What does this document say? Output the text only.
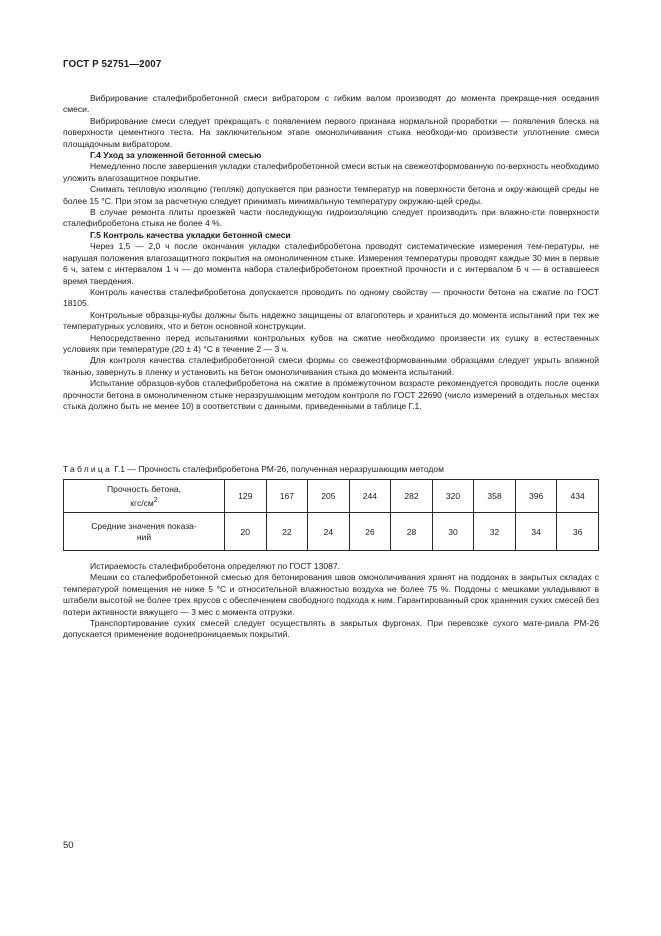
ГОСТ Р 52751—2007

Вибрирование сталефибробетонной смеси вибратором с гибким валом производят до момента прекраще-ния оседания смеси.

Вибрирование смеси следует прекращать с появлением первого признака нормальной проработки — появления блеска на поверхности цементного теста. На заключительном этапе омоноличивания стыка необходи-мо произвести уплотнение смеси площадочным вибратором.

Г.4 Уход за уложенной бетонной смесью

Немедленно после завершения укладки сталефибробетонной смеси встык на свежеотформованную по-верхность необходимо уложить влагозащитное покрытие.

Снимать тепловую изоляцию (теплякі) допускается при разности температур на поверхности бетона и окру-жающей среды не более 15 °С. При этом за расчетную следует принимать минимальную температуру окружаю-щей среды.

В случае ремонта плиты проезжей части последующую гидроизоляцию следует производить при влажно-сти поверхности сталефибробетона стыка не более 4 %.

Г.5 Контроль качества укладки бетонной смеси

Через 1,5 — 2,0 ч после окончания укладки сталефибробетона проводят систематические измерения тем-пературы, не нарушая положения влагозащитного покрытия на омоноличенном стыке. Измерения температуры проводят каждые 30 мин в первые 6 ч, затем с интервалом 1 ч — до момента набора сталефибробетоном проектной прочности и с интервалом 6 ч — в оставшееся время твердения.

Контроль качества сталефибробетона допускается проводить по одному свойству — прочности бетона на сжатие по ГОСТ 18105.

Контрольные образцы-кубы должны быть надежно защищены от влагопотерь и храниться до момента испытаний при тех же температурных условиях, что и бетон основной конструкции.

Непосредственно перед испытаниями контрольных кубов на сжатие необходимо произвести их сушку в естественных условиях при температуре (20 ± 4) °С в течение 2 — 3 ч.

Для контроля качества сталефибробетонной смеси формы со свежеотформованными образцами следует укрыть влажной тканью, завернуть в пленку и установить на бетон омоноличивания стыка до момента испытаний.

Испытание образцов-кубов сталефибробетона на сжатие в промежуточном возрасте рекомендуется проводить после оценки прочности бетона в омоноличенном стыке неразрушающим методом контроля по ГОСТ 22690 (число измерений в отдельных местах стыка должно быть не менее 10) в соответствии с данными, приведенными в таблице Г.1.

Таблица Г.1 — Прочность сталефибробетона РМ-26, полученная неразрушающим методом
Прочность бетона,
кгс/$см^2$	129	167	205	244	282	320	358	396	434
Средние значения показа-
ний	20	22	24	26	28	30	32	34	36

Истираемость сталефибробетона определяют по ГОСТ 13087.

Мешки со сталефибробетонной смесью для бетонирования швов омоноличивания хранят на поддонах в закрытых складах с температурой помещения не ниже 5 °С и относительной влажностью воздуха не более 75 %. Поддоны с мешками укладывают в штабели высотой не более трех ярусов с обеспечением свободного подхода к ним. Гарантированный срок хранения сухих смесей без потери активности вяжущего — 3 мес с момента отгрузки.

Транспортирование сухих смесей следует осуществлять в закрытых фургонах. При перевозке сухого мате-риала РМ-26 допускается применение водонепроницаемых покрытий.

50
